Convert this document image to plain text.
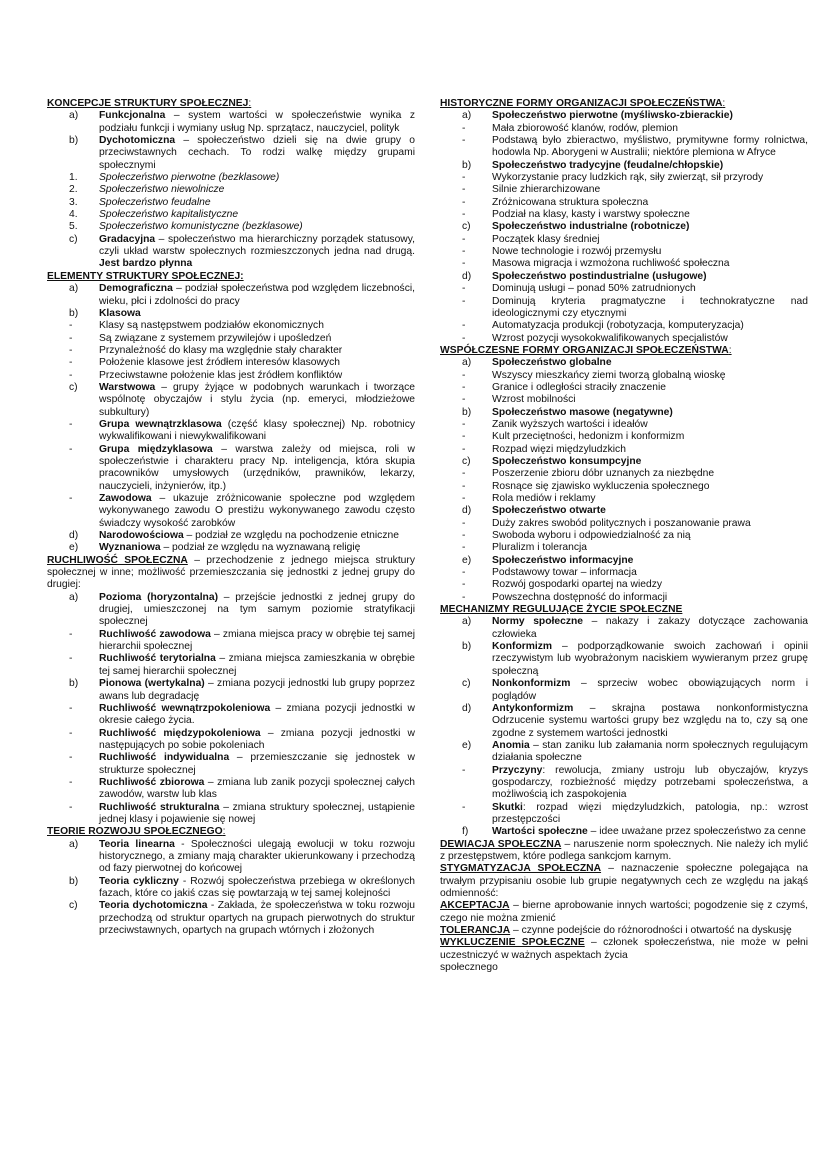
KONCEPCJE STRUKTURY SPOŁECZNEJ:
a)	Funkcjonalna – system wartości w społeczeństwie wynika z podziału funkcji i wymiany usług Np. sprzątacz, nauczyciel, polityk
b)	Dychotomiczna – społeczeństwo dzieli się na dwie grupy o przeciwstawnych cechach. To rodzi walkę między grupami społecznymi
1.	Społeczeństwo pierwotne (bezklasowe)
2.	Społeczeństwo niewolnicze
3.	Społeczeństwo feudalne
4.	Społeczeństwo kapitalistyczne
5.	Społeczeństwo komunistyczne (bezklasowe)
c)	Gradacyjna – społeczeństwo ma hierarchiczny porządek statusowy, czyli układ warstw społecznych rozmieszczonych jedna nad drugą. Jest bardzo płynna
ELEMENTY STRUKTURY SPOŁECZNEJ:
a)	Demograficzna – podział społeczeństwa pod względem liczebności, wieku, płci i zdolności do pracy
b)	Klasowa
-	Klasy są następstwem podziałów ekonomicznych
-	Są związane z systemem przywilejów i upośledzeń
-	Przynależność do klasy ma względnie stały charakter
-	Położenie klasowe jest źródłem interesów klasowych
-	Przeciwstawne położenie klas jest źródłem konfliktów
c)	Warstwowa – grupy żyjące w podobnych warunkach i tworzące wspólnotę obyczajów i stylu życia (np. emeryci, młodzieżowe subkultury)
-	Grupa wewnątrzklasowa (część klasy społecznej) Np. robotnicy wykwalifikowani i niewykwalifikowani
-	Grupa międzyklasowa – warstwa zależy od miejsca, roli w społeczeństwie i charakteru pracy Np. inteligencja, która skupia pracowników umysłowych (urzędników, prawników, lekarzy, nauczycieli, inżynierów, itp.)
-	Zawodowa – ukazuje zróżnicowanie społeczne pod względem wykonywanego zawodu O prestiżu wykonywanego zawodu często świadczy wysokość zarobków
d)	Narodowościowa – podział ze względu na pochodzenie etniczne
e)	Wyznaniowa – podział ze względu na wyznawaną religię
RUCHLIWOŚĆ SPOŁECZNA – przechodzenie z jednego miejsca struktury społecznej w inne; możliwość przemieszczania się jednostki z jednej grupy do drugiej:
a)	Pozioma (horyzontalna) – przejście jednostki z jednej grupy do drugiej, umieszczonej na tym samym poziomie stratyfikacji społecznej
-	Ruchliwość zawodowa – zmiana miejsca pracy w obrębie tej samej hierarchii społecznej
-	Ruchliwość terytorialna – zmiana miejsca zamieszkania w obrębie tej samej hierarchii społecznej
b)	Pionowa (wertykalna) – zmiana pozycji jednostki lub grupy poprzez awans lub degradację
-	Ruchliwość wewnątrzpokoleniowa – zmiana pozycji jednostki w okresie całego życia.
-	Ruchliwość międzypokoleniowa – zmiana pozycji jednostki w następujących po sobie pokoleniach
-	Ruchliwość indywidualna – przemieszczanie się jednostek w strukturze społecznej
-	Ruchliwość zbiorowa – zmiana lub zanik pozycji społecznej całych zawodów, warstw lub klas
-	Ruchliwość strukturalna – zmiana struktury społecznej, ustąpienie jednej klasy i pojawienie się nowej
TEORIE ROZWOJU SPOŁECZNEGO:
a)	Teoria linearna - Społeczności ulegają ewolucji w toku rozwoju historycznego, a zmiany mają charakter ukierunkowany i przechodzą od fazy pierwotnej do końcowej
b)	Teoria cykliczny - Rozwój społeczeństwa przebiega w określonych fazach, które co jakiś czas się powtarzają w tej samej kolejności
c)	Teoria dychotomiczna - Zakłada, że społeczeństwa w toku rozwoju przechodzą od struktur opartych na grupach pierwotnych do struktur przeciwstawnych, opartych na grupach wtórnych i złożonych
HISTORYCZNE FORMY ORGANIZACJI SPOŁECZEŃSTWA:
a)	Społeczeństwo pierwotne (myśliwsko-zbierackie)
-	Mała zbiorowość klanów, rodów, plemion
-	Podstawą było zbieractwo, myślistwo, prymitywne formy rolnictwa, hodowla Np. Aborygeni w Australii; niektóre plemiona w Afryce
b)	Społeczeństwo tradycyjne (feudalne/chłopskie)
-	Wykorzystanie pracy ludzkich rąk, siły zwierząt, sił przyrody
-	Silnie zhierarchizowane
-	Zróżnicowana struktura społeczna
-	Podział na klasy, kasty i warstwy społeczne
c)	Społeczeństwo industrialne (robotnicze)
-	Początek klasy średniej
-	Nowe technologie i rozwój przemysłu
-	Masowa migracja i wzmożona ruchliwość społeczna
d)	Społeczeństwo postindustrialne (usługowe)
-	Dominują usługi – ponad 50% zatrudnionych
-	Dominują kryteria pragmatyczne i technokratyczne nad ideologicznymi czy etycznymi
-	Automatyzacja produkcji (robotyzacja, komputeryzacja)
-	Wzrost pozycji wysokokwalifikowanych specjalistów
WSPÓŁCZESNE FORMY ORGANIZACJI SPOŁECZEŃSTWA:
a)	Społeczeństwo globalne
-	Wszyscy mieszkańcy ziemi tworzą globalną wioskę
-	Granice i odległości straciły znaczenie
-	Wzrost mobilności
b)	Społeczeństwo masowe (negatywne)
-	Zanik wyższych wartości i ideałów
-	Kult przeciętności, hedonizm i konformizm
-	Rozpad więzi międzyludzkich
c)	Społeczeństwo konsumpcyjne
-	Poszerzenie zbioru dóbr uznanych za niezbędne
-	Rosnące się zjawisko wykluczenia społecznego
-	Rola mediów i reklamy
d)	Społeczeństwo otwarte
-	Duży zakres swobód politycznych i poszanowanie prawa
-	Swoboda wyboru i odpowiedzialność za nią
-	Pluralizm i tolerancja
e)	Społeczeństwo informacyjne
-	Podstawowy towar – informacja
-	Rozwój gospodarki opartej na wiedzy
-	Powszechna dostępność do informacji
MECHANIZMY REGULUJĄCE ŻYCIE SPOŁECZNE
a)	Normy społeczne – nakazy i zakazy dotyczące zachowania człowieka
b)	Konformizm – podporządkowanie swoich zachowań i opinii rzeczywistym lub wyobrażonym naciskiem wywieranym przez grupę społeczną
c)	Nonkonformizm – sprzeciw wobec obowiązujących norm i poglądów
d)	Antykonformizm – skrajna postawa nonkonformistyczna Odrzucenie systemu wartości grupy bez względu na to, czy są one zgodne z systemem wartości jednostki
e)	Anomia – stan zaniku lub załamania norm społecznych regulującym działania społeczne
-	Przyczyny: rewolucja, zmiany ustroju lub obyczajów, kryzys gospodarczy, rozbieżność między potrzebami społeczeństwa, a możliwością ich zaspokojenia
-	Skutki: rozpad więzi międzyludzkich, patologia, np.: wzrost przestępczości
f)	Wartości społeczne – idee uważane przez społeczeństwo za cenne
DEWIACJA SPOŁECZNA – naruszenie norm społecznych. Nie należy ich mylić z przestępstwem, które podlega sankcjom karnym.
STYGMATYZACJA SPOŁECZNA – naznaczenie społeczne polegająca na trwałym przypisaniu osobie lub grupie negatywnych cech ze względu na jakąś odmienność:
AKCEPTACJA – bierne aprobowanie innych wartości; pogodzenie się z czymś, czego nie można zmienić
TOLERANCJA – czynne podejście do różnorodności i otwartość na dyskusję
WYKLUCZENIE SPOŁECZNE – członek społeczeństwa, nie może w pełni uczestniczyć w ważnych aspektach życia
społecznego
